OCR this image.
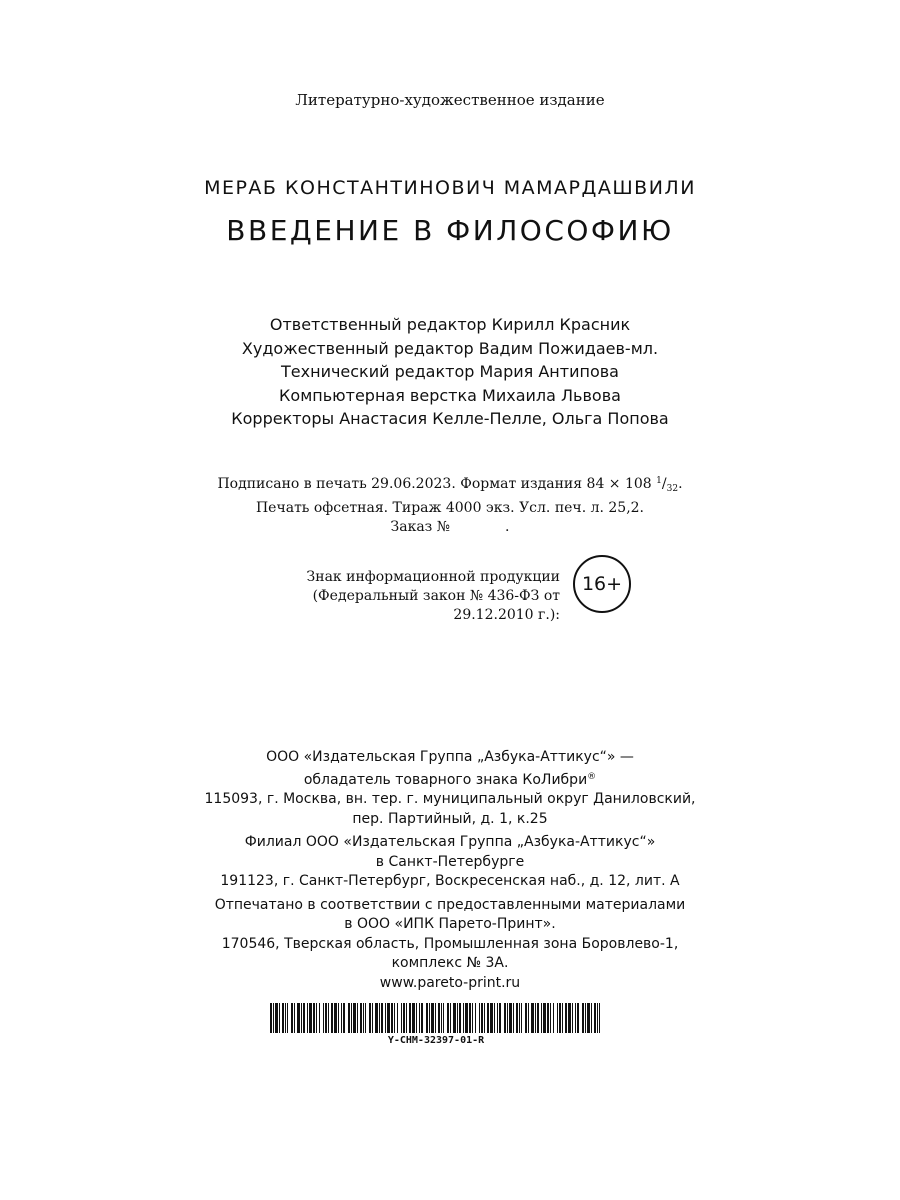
Литературно-художественное издание
МЕРАБ КОНСТАНТИНОВИЧ МАМАРДАШВИЛИ
ВВЕДЕНИЕ В ФИЛОСОФИЮ
Ответственный редактор Кирилл Красник
Художественный редактор Вадим Пожидаев-мл.
Технический редактор Мария Антипова
Компьютерная верстка Михаила Львова
Корректоры Анастасия Келле-Пелле, Ольга Попова
Подписано в печать 29.06.2023. Формат издания 84 × 108 $^1/_{32}$.
Печать офсетная. Тираж 4000 экз. Усл. печ. л. 25,2.
Заказ №	.
Знак информационной продукции
(Федеральный закон № 436-ФЗ от 29.12.2010 г.):
16+
ООО «Издательская Группа „Азбука-Аттикус“» —
обладатель товарного знака КоЛибри®
115093, г. Москва, вн. тер. г. муниципальный округ Даниловский,
пер. Партийный, д. 1, к.25
Филиал ООО «Издательская Группа „Азбука-Аттикус“»
в Санкт-Петербурге
191123, г. Санкт-Петербург, Воскресенская наб., д. 12, лит. А
Отпечатано в соответствии с предоставленными материалами
в ООО «ИПК Парето-Принт».
170546, Тверская область, Промышленная зона Боровлево-1,
комплекс № 3А.
www.pareto-print.ru
Y-CHM-32397-01-R
